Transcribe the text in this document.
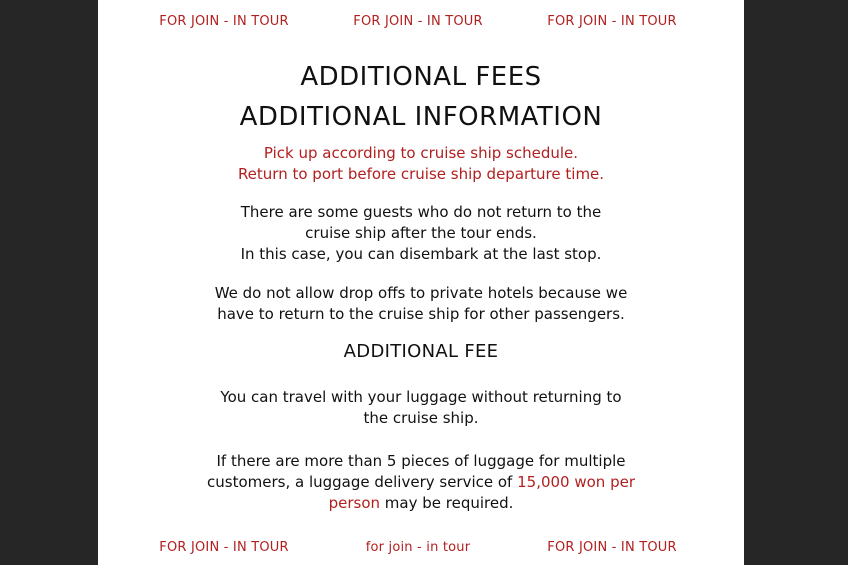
FOR JOIN - IN TOUR	FOR JOIN - IN TOUR	FOR JOIN - IN TOUR
ADDITIONAL FEES
ADDITIONAL INFORMATION
Pick up according to cruise ship schedule.
Return to port before cruise ship departure time.
There are some guests who do not return to the
cruise ship after the tour ends.
In this case, you can disembark at the last stop.
We do not allow drop offs to private hotels because we
have to return to the cruise ship for other passengers.
ADDITIONAL FEE
You can travel with your luggage without returning to
the cruise ship.
If there are more than 5 pieces of luggage for multiple
customers, a luggage delivery service of 15,000 won per
person may be required.
FOR JOIN - IN TOUR	for join - in tour	FOR JOIN - IN TOUR
